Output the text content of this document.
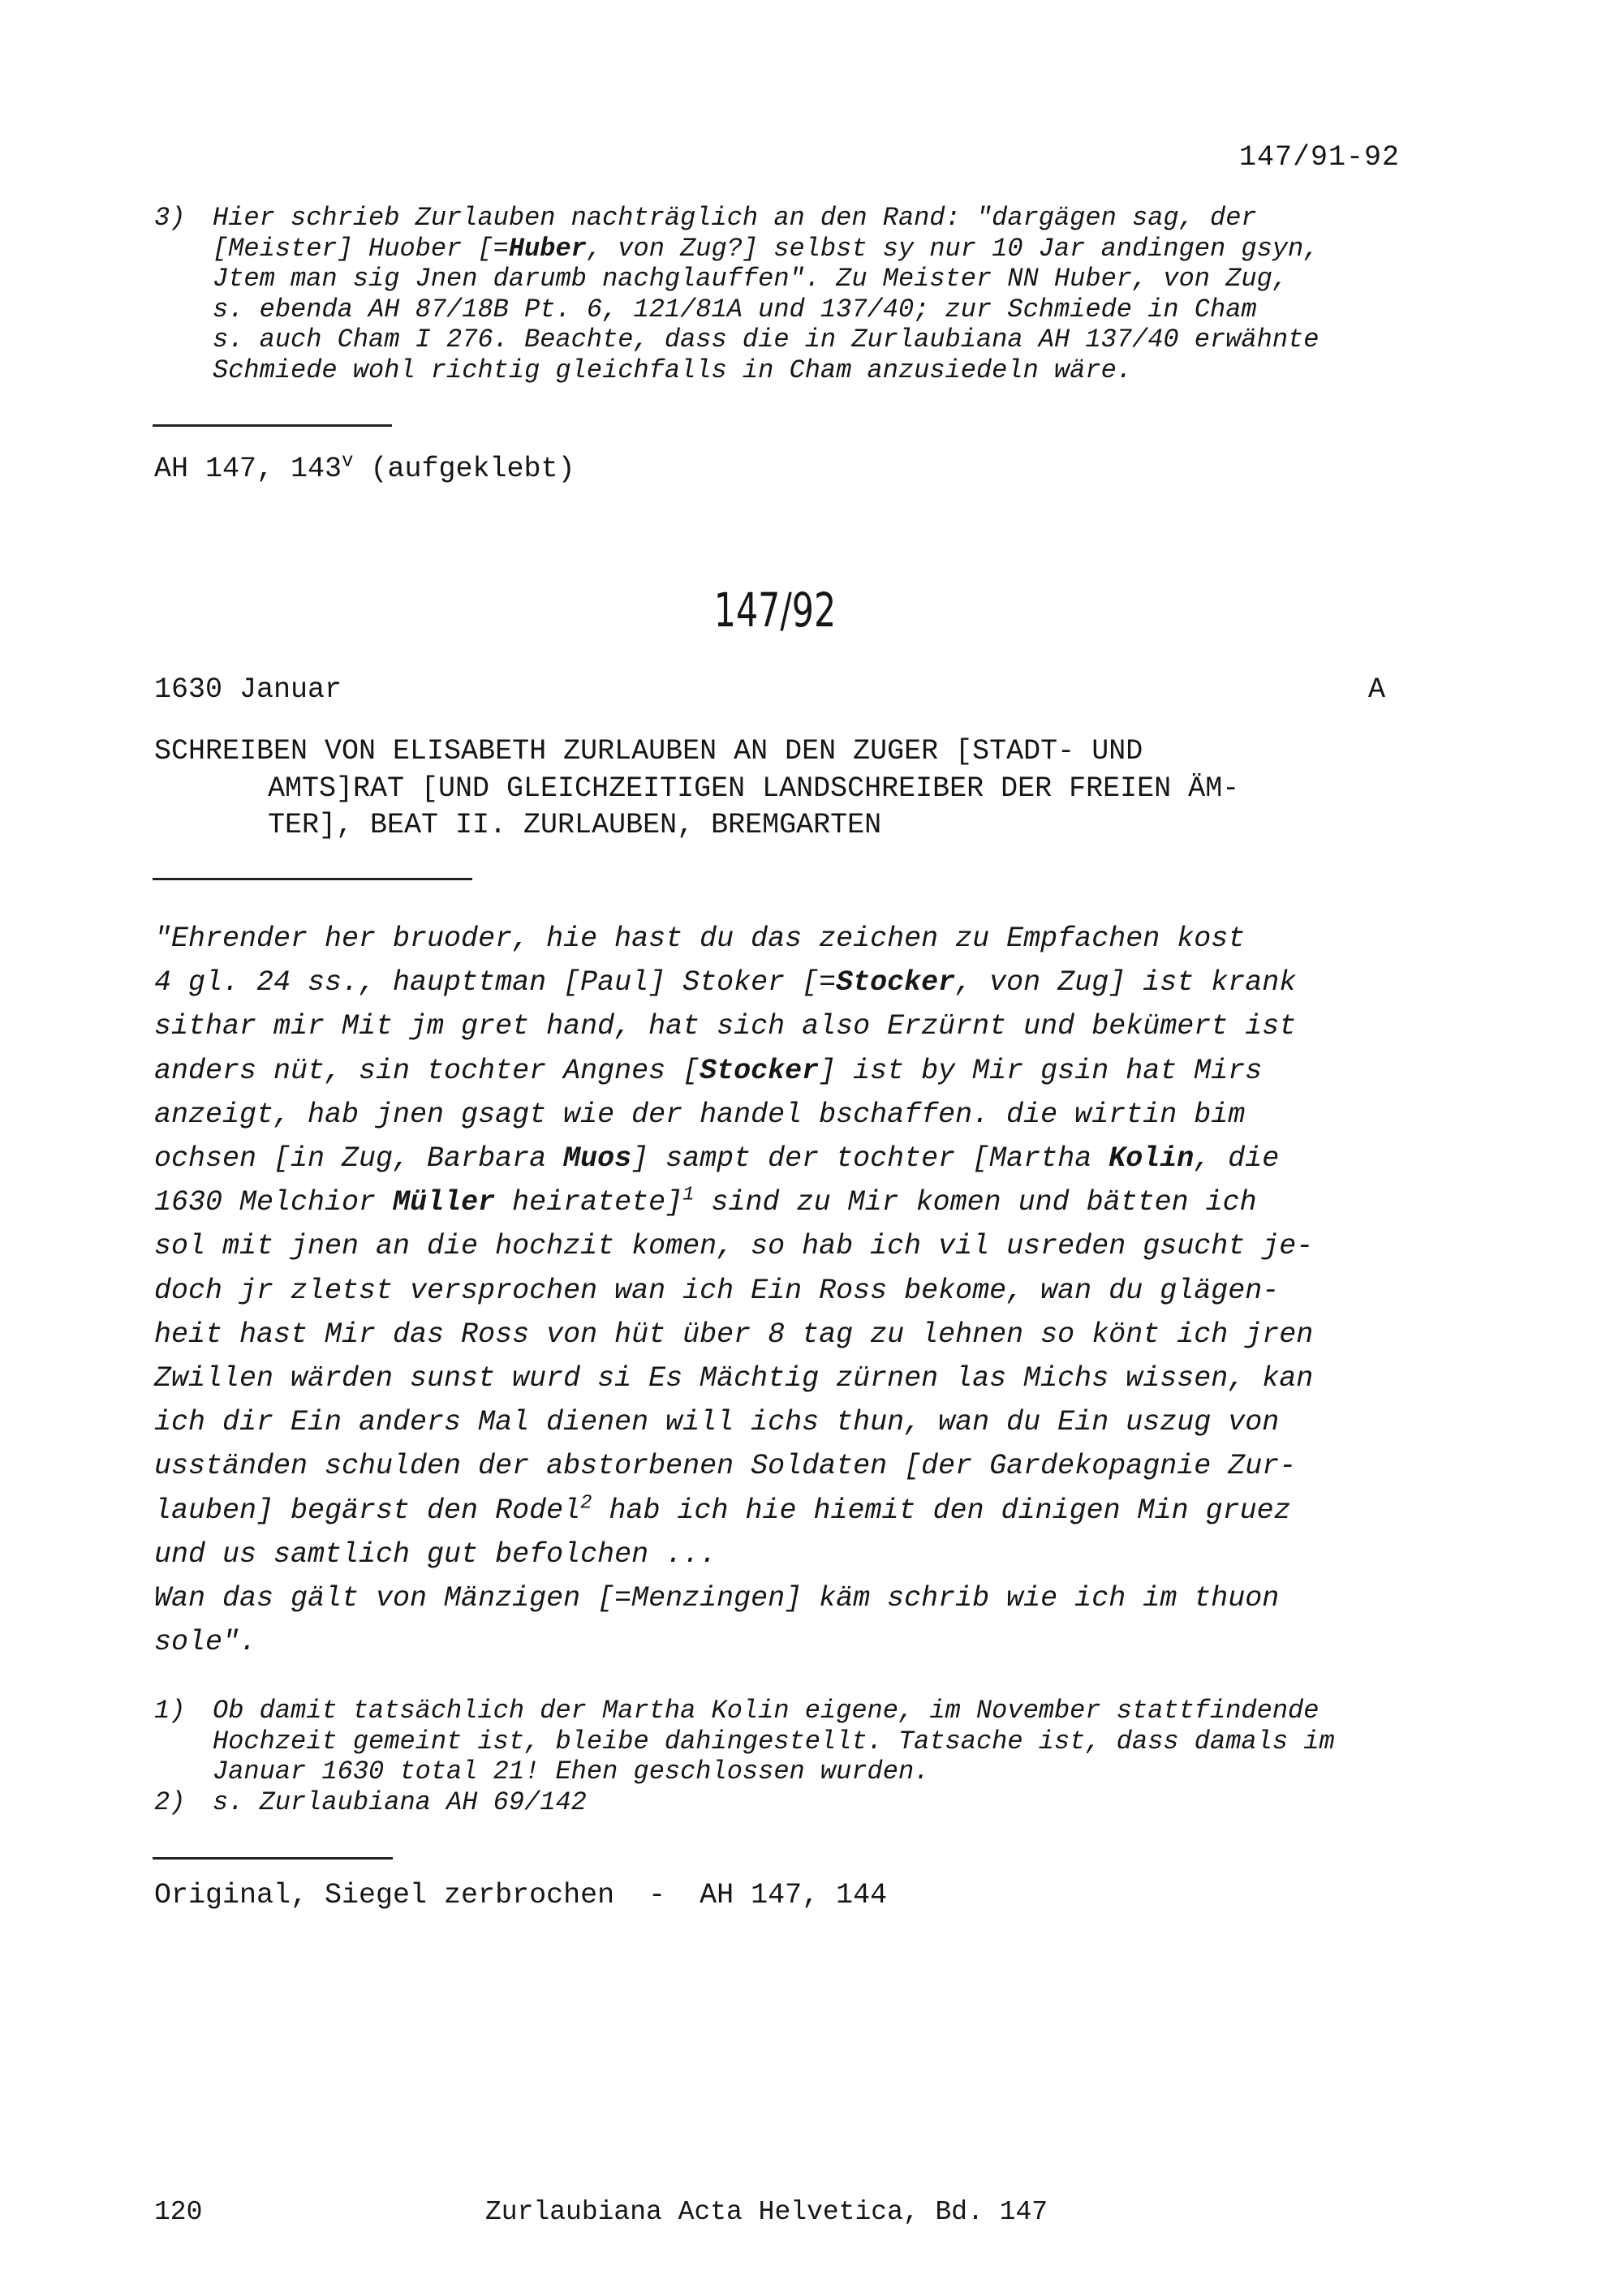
147/91-92
3) Hier schrieb Zurlauben nachträglich an den Rand: "dargägen sag, der
[Meister] Huober [=Huber, von Zug?] selbst sy nur 10 Jar andingen gsyn,
Jtem man sig Jnen darumb nachglauffen". Zu Meister NN Huber, von Zug,
s. ebenda AH 87/18B Pt. 6, 121/81A und 137/40; zur Schmiede in Cham
s. auch Cham I 276. Beachte, dass die in Zurlaubiana AH 137/40 erwähnte
Schmiede wohl richtig gleichfalls in Cham anzusiedeln wäre.
AH 147, 143$^v$ (aufgeklebt)
147/92
1630 Januar	A
SCHREIBEN VON ELISABETH ZURLAUBEN AN DEN ZUGER [STADT- UND
AMTS]RAT [UND GLEICHZEITIGEN LANDSCHREIBER DER FREIEN ÄM-
TER], BEAT II. ZURLAUBEN, BREMGARTEN
"Ehrender her bruoder, hie hast du das zeichen zu Empfachen kost
4 gl. 24 ss., haupttman [Paul] Stoker [=Stocker, von Zug] ist krank
sithar mir Mit jm gret hand, hat sich also Erzürnt und bekümert ist
anders nüt, sin tochter Angnes [Stocker] ist by Mir gsin hat Mirs
anzeigt, hab jnen gsagt wie der handel bschaffen. die wirtin bim
ochsen [in Zug, Barbara Muos] sampt der tochter [Martha Kolin, die
1630 Melchior Müller heiratete]$^1$ sind zu Mir komen und bätten ich
sol mit jnen an die hochzit komen, so hab ich vil usreden gsucht je-
doch jr zletst versprochen wan ich Ein Ross bekome, wan du glägen-
heit hast Mir das Ross von hüt über 8 tag zu lehnen so könt ich jren
Zwillen wärden sunst wurd si Es Mächtig zürnen las Michs wissen, kan
ich dir Ein anders Mal dienen will ichs thun, wan du Ein uszug von
usständen schulden der abstorbenen Soldaten [der Gardekopagnie Zur-
lauben] begärst den Rodel$^2$ hab ich hie hiemit den dinigen Min gruez
und us samtlich gut befolchen ...
Wan das gält von Mänzigen [=Menzingen] käm schrib wie ich im thuon
sole".
1) Ob damit tatsächlich der Martha Kolin eigene, im November stattfindende
Hochzeit gemeint ist, bleibe dahingestellt. Tatsache ist, dass damals im
Januar 1630 total 21! Ehen geschlossen wurden.
2) s. Zurlaubiana AH 69/142
Original, Siegel zerbrochen  -  AH 147, 144
120	Zurlaubiana Acta Helvetica, Bd. 147
